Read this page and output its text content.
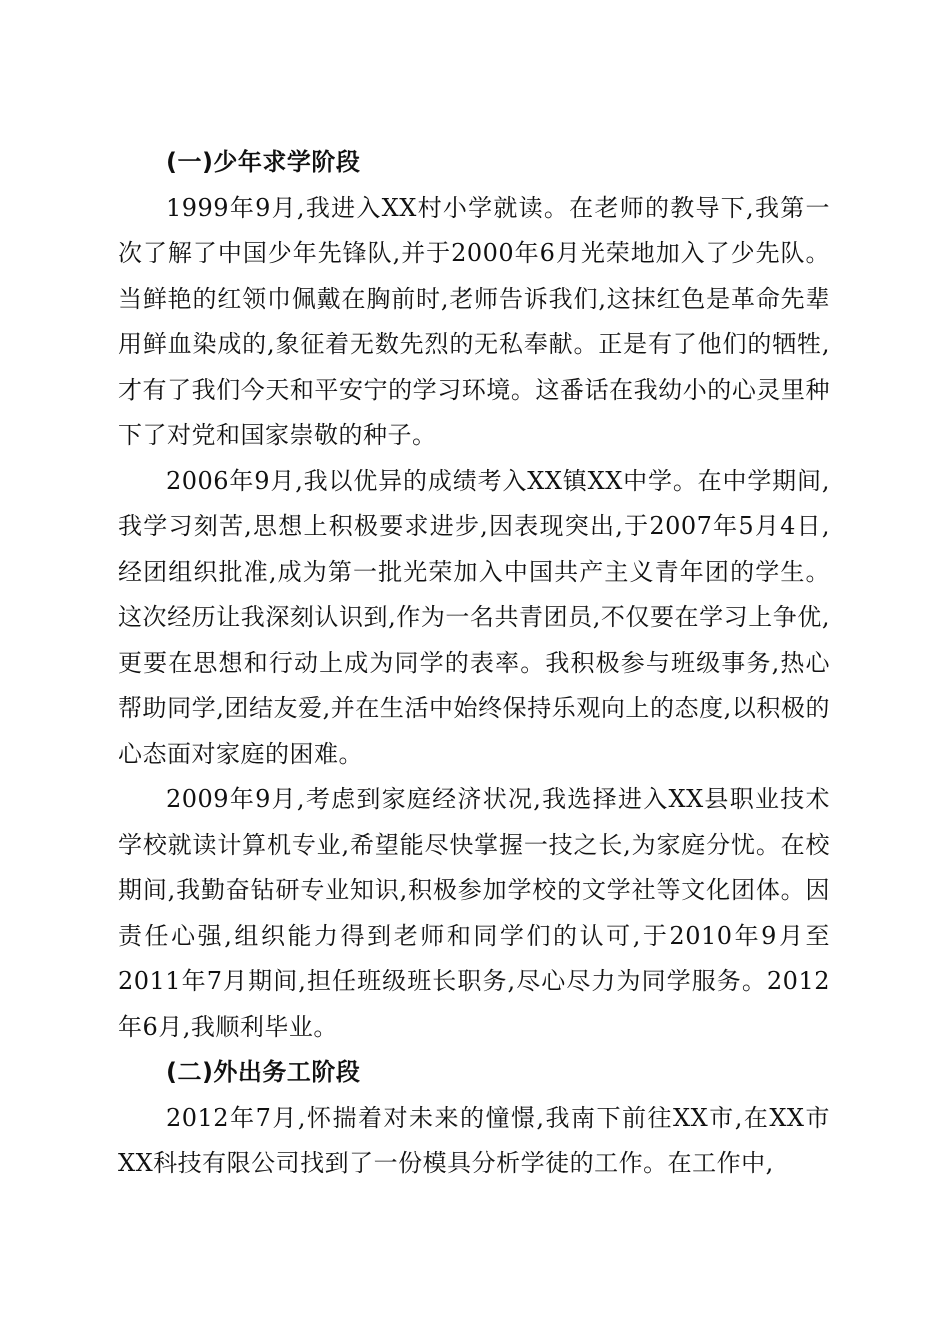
(一)少年求学阶段

1999年9月,我进入XX村小学就读。在老师的教导下,我第一次了解了中国少年先锋队,并于2000年6月光荣地加入了少先队。当鲜艳的红领巾佩戴在胸前时,老师告诉我们,这抹红色是革命先辈用鲜血染成的,象征着无数先烈的无私奉献。正是有了他们的牺牲,才有了我们今天和平安宁的学习环境。这番话在我幼小的心灵里种下了对党和国家崇敬的种子。

2006年9月,我以优异的成绩考入XX镇XX中学。在中学期间,我学习刻苦,思想上积极要求进步,因表现突出,于2007年5月4日,经团组织批准,成为第一批光荣加入中国共产主义青年团的学生。这次经历让我深刻认识到,作为一名共青团员,不仅要在学习上争优,更要在思想和行动上成为同学的表率。我积极参与班级事务,热心帮助同学,团结友爱,并在生活中始终保持乐观向上的态度,以积极的心态面对家庭的困难。

2009年9月,考虑到家庭经济状况,我选择进入XX县职业技术学校就读计算机专业,希望能尽快掌握一技之长,为家庭分忧。在校期间,我勤奋钻研专业知识,积极参加学校的文学社等文化团体。因责任心强,组织能力得到老师和同学们的认可,于2010年9月至2011年7月期间,担任班级班长职务,尽心尽力为同学服务。2012年6月,我顺利毕业。

(二)外出务工阶段

2012年7月,怀揣着对未来的憧憬,我南下前往XX市,在XX市XX科技有限公司找到了一份模具分析学徒的工作。在工作中,
